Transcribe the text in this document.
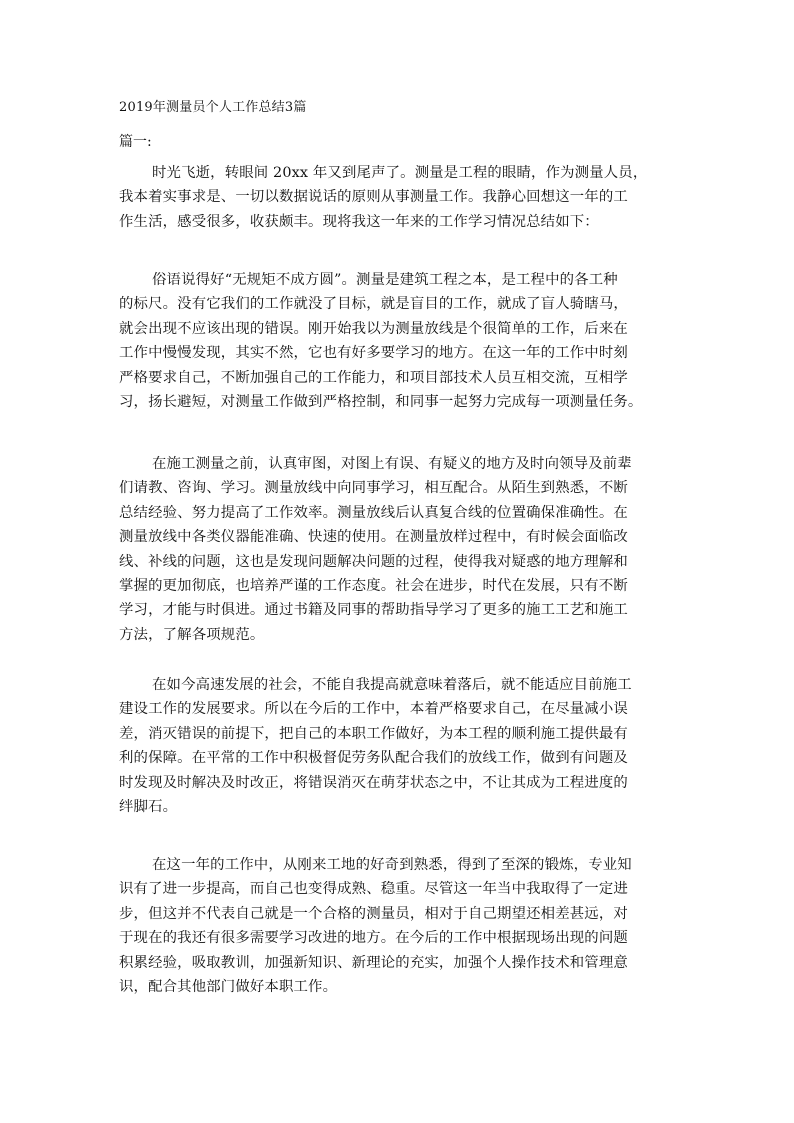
2019年测量员个人工作总结3篇
篇一:

时光飞逝，转眼间 20xx 年又到尾声了。测量是工程的眼睛，作为测量人员，
我本着实事求是、一切以数据说话的原则从事测量工作。我静心回想这一年的工
作生活，感受很多，收获颇丰。现将我这一年来的工作学习情况总结如下：

俗语说得好“无规矩不成方圆”。测量是建筑工程之本，是工程中的各工种
的标尺。没有它我们的工作就没了目标，就是盲目的工作，就成了盲人骑瞎马，
就会出现不应该出现的错误。刚开始我以为测量放线是个很简单的工作，后来在
工作中慢慢发现，其实不然，它也有好多要学习的地方。在这一年的工作中时刻
严格要求自己，不断加强自己的工作能力，和项目部技术人员互相交流，互相学
习，扬长避短，对测量工作做到严格控制，和同事一起努力完成每一项测量任务。

在施工测量之前，认真审图，对图上有误、有疑义的地方及时向领导及前辈
们请教、咨询、学习。测量放线中向同事学习，相互配合。从陌生到熟悉，不断
总结经验、努力提高了工作效率。测量放线后认真复合线的位置确保准确性。在
测量放线中各类仪器能准确、快速的使用。在测量放样过程中，有时候会面临改
线、补线的问题，这也是发现问题解决问题的过程，使得我对疑惑的地方理解和
掌握的更加彻底，也培养严谨的工作态度。社会在进步，时代在发展，只有不断
学习，才能与时俱进。通过书籍及同事的帮助指导学习了更多的施工工艺和施工
方法，了解各项规范。

在如今高速发展的社会，不能自我提高就意味着落后，就不能适应目前施工
建设工作的发展要求。所以在今后的工作中，本着严格要求自己，在尽量减小误
差，消灭错误的前提下，把自己的本职工作做好，为本工程的顺利施工提供最有
利的保障。在平常的工作中积极督促劳务队配合我们的放线工作，做到有问题及
时发现及时解决及时改正，将错误消灭在萌芽状态之中，不让其成为工程进度的
绊脚石。

在这一年的工作中，从刚来工地的好奇到熟悉，得到了至深的锻炼，专业知
识有了进一步提高，而自己也变得成熟、稳重。尽管这一年当中我取得了一定进
步，但这并不代表自己就是一个合格的测量员，相对于自己期望还相差甚远，对
于现在的我还有很多需要学习改进的地方。在今后的工作中根据现场出现的问题
积累经验，吸取教训，加强新知识、新理论的充实，加强个人操作技术和管理意
识，配合其他部门做好本职工作。
